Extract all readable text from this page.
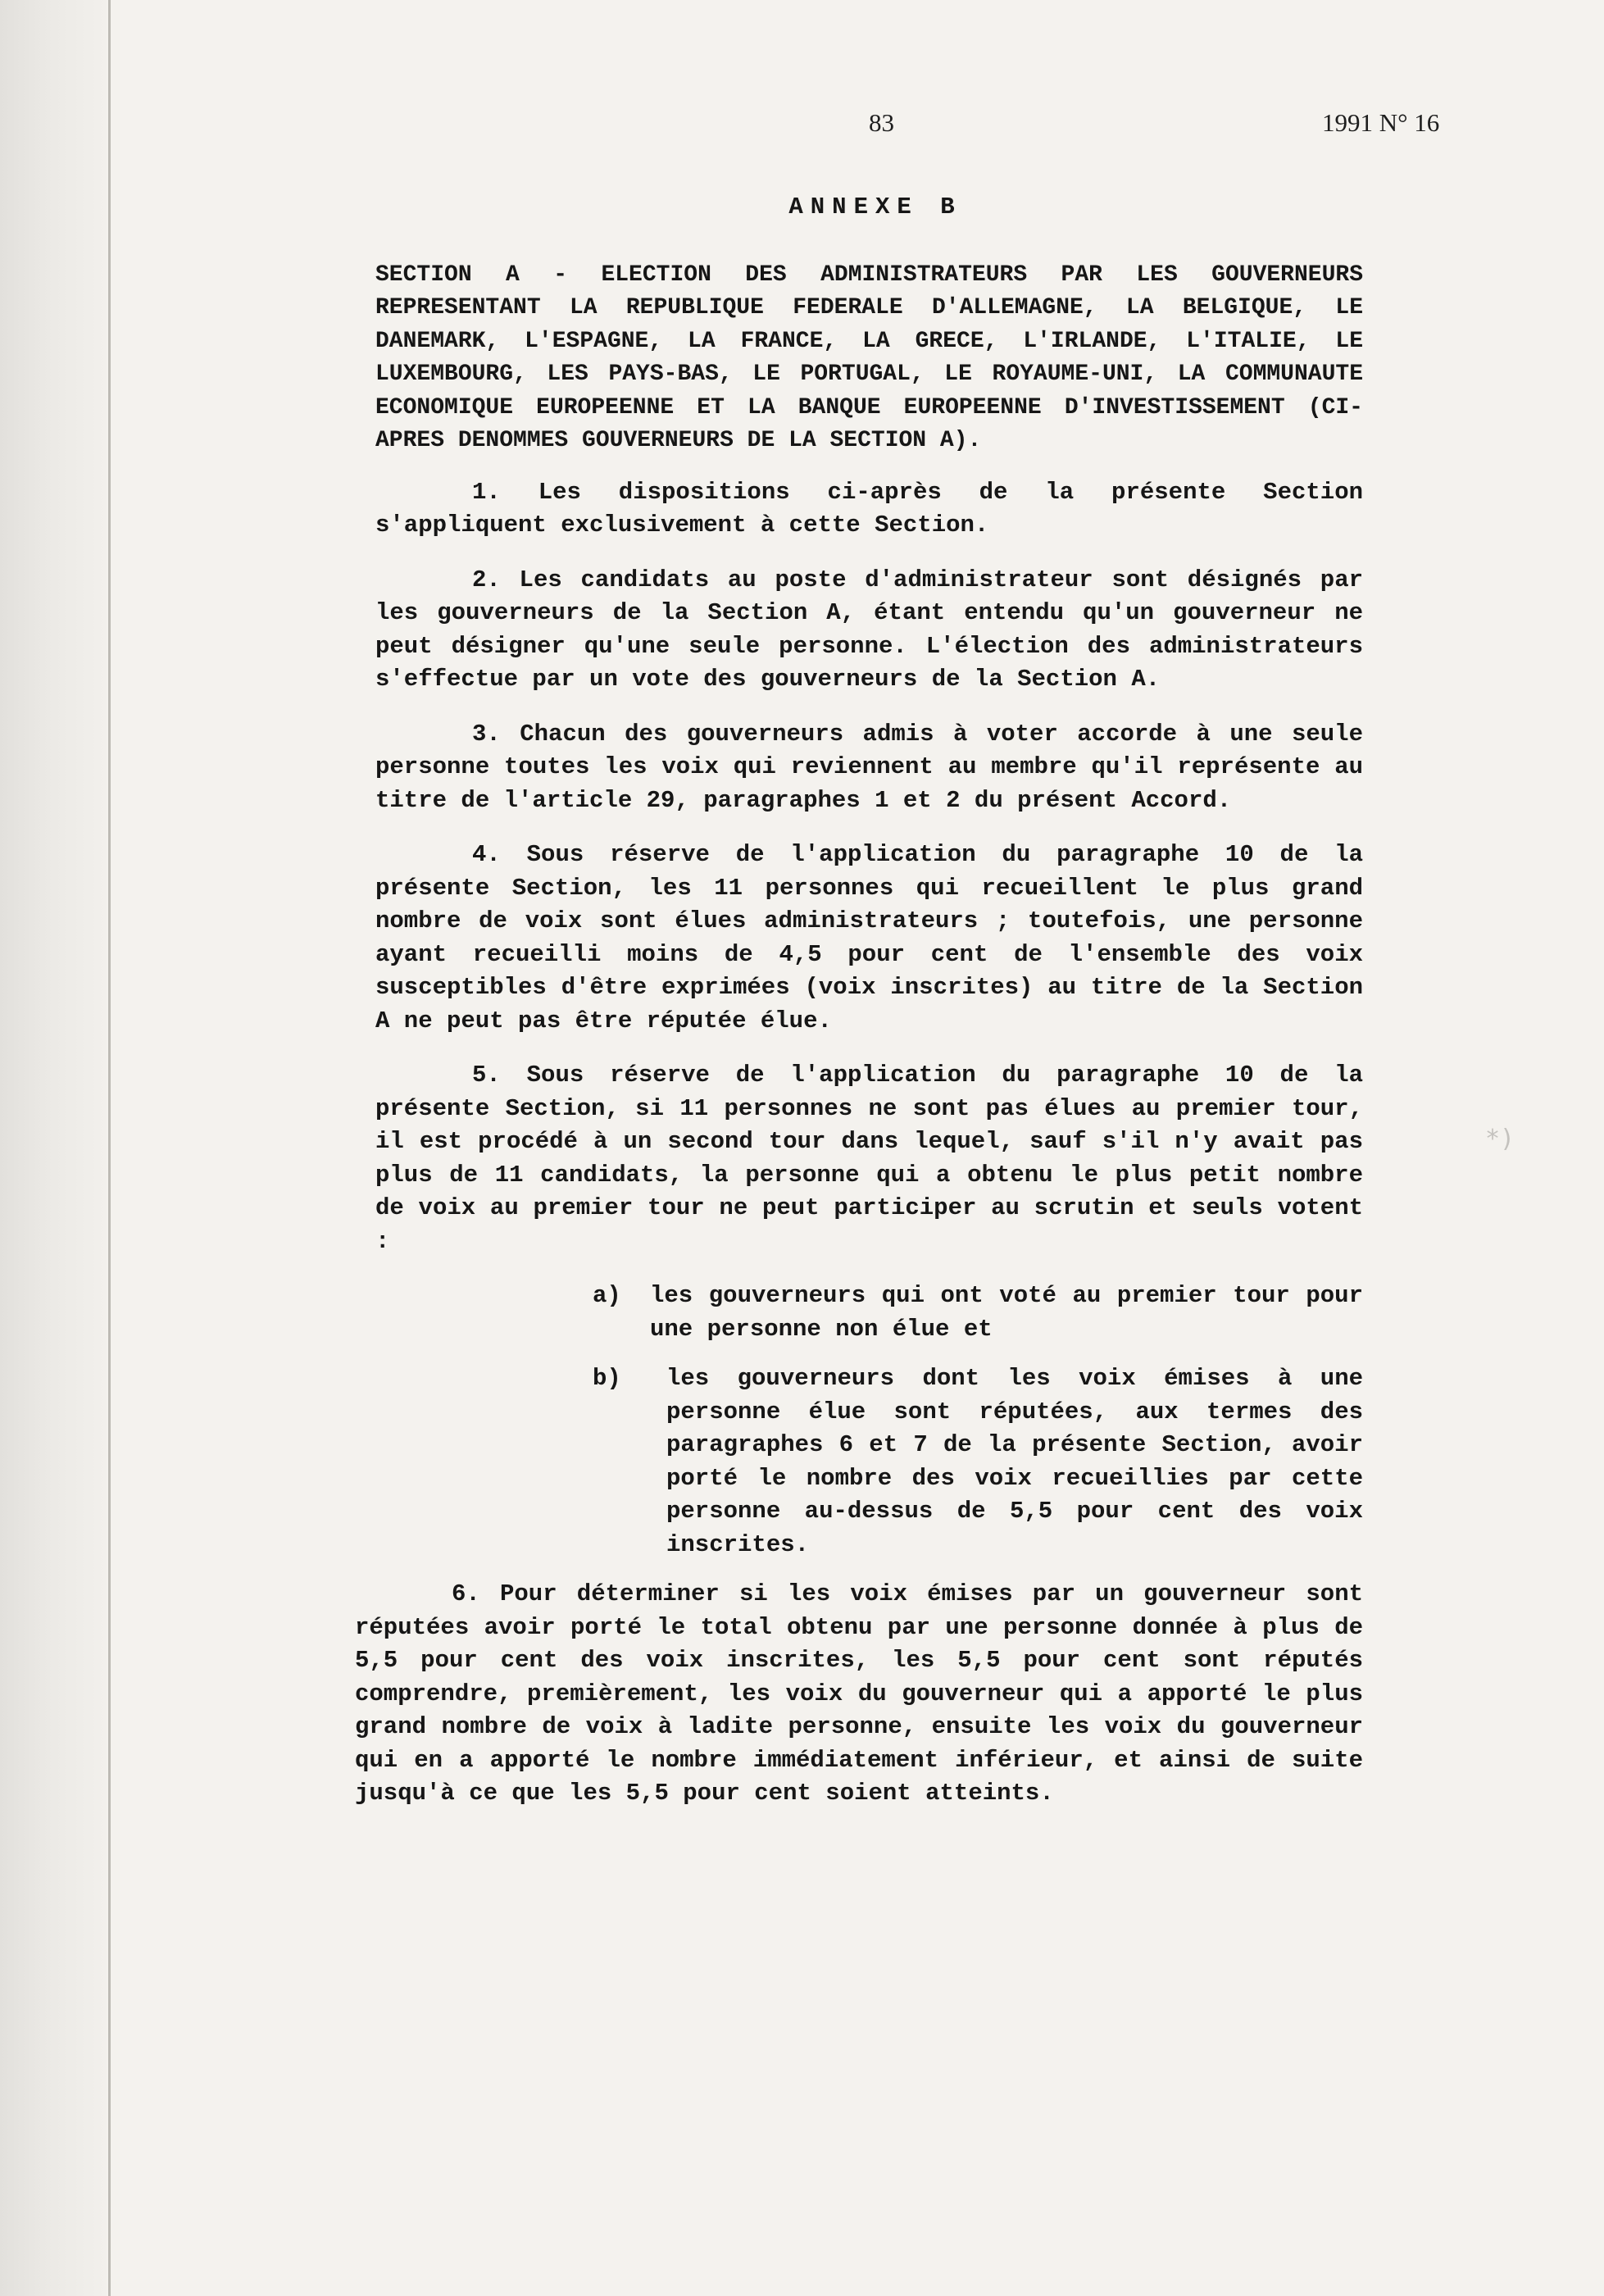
83	1991 N° 16
*)
ANNEXE B
SECTION A - ELECTION DES ADMINISTRATEURS PAR LES GOUVERNEURS REPRESENTANT LA REPUBLIQUE FEDERALE D'ALLEMAGNE, LA BELGIQUE, LE DANEMARK, L'ESPAGNE, LA FRANCE, LA GRECE, L'IRLANDE, L'ITALIE, LE LUXEMBOURG, LES PAYS-BAS, LE PORTUGAL, LE ROYAUME-UNI, LA COMMUNAUTE ECONOMIQUE EUROPEENNE ET LA BANQUE EUROPEENNE D'INVESTISSEMENT (CI-APRES DENOMMES GOUVERNEURS DE LA SECTION A).
1. Les dispositions ci-après de la présente Section s'appliquent exclusivement à cette Section.
2. Les candidats au poste d'administrateur sont désignés par les gouverneurs de la Section A, étant entendu qu'un gouverneur ne peut désigner qu'une seule personne. L'élection des administrateurs s'effectue par un vote des gouverneurs de la Section A.
3. Chacun des gouverneurs admis à voter accorde à une seule personne toutes les voix qui reviennent au membre qu'il représente au titre de l'article 29, paragraphes 1 et 2 du présent Accord.
4. Sous réserve de l'application du paragraphe 10 de la présente Section, les 11 personnes qui recueillent le plus grand nombre de voix sont élues administrateurs ; toutefois, une personne ayant recueilli moins de 4,5 pour cent de l'ensemble des voix susceptibles d'être exprimées (voix inscrites) au titre de la Section A ne peut pas être réputée élue.
5. Sous réserve de l'application du paragraphe 10 de la présente Section, si 11 personnes ne sont pas élues au premier tour, il est procédé à un second tour dans lequel, sauf s'il n'y avait pas plus de 11 candidats, la personne qui a obtenu le plus petit nombre de voix au premier tour ne peut participer au scrutin et seuls votent :
a) les gouverneurs qui ont voté au premier tour pour une personne non élue et
b) les gouverneurs dont les voix émises à une personne élue sont réputées, aux termes des paragraphes 6 et 7 de la présente Section, avoir porté le nombre des voix recueillies par cette personne au-dessus de 5,5 pour cent des voix inscrites.
6. Pour déterminer si les voix émises par un gouverneur sont réputées avoir porté le total obtenu par une personne donnée à plus de 5,5 pour cent des voix inscrites, les 5,5 pour cent sont réputés comprendre, premièrement, les voix du gouverneur qui a apporté le plus grand nombre de voix à ladite personne, ensuite les voix du gouverneur qui en a apporté le nombre immédiatement inférieur, et ainsi de suite jusqu'à ce que les 5,5 pour cent soient atteints.
